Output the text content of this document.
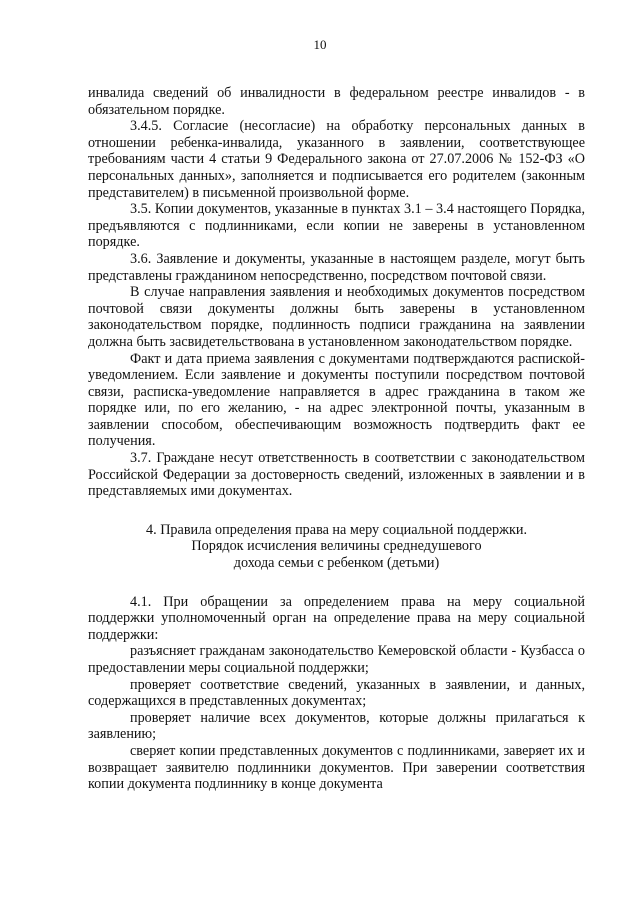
10

инвалида сведений об инвалидности в федеральном реестре инвалидов - в обязательном порядке.

3.4.5. Согласие (несогласие) на обработку персональных данных в отношении ребенка-инвалида, указанного в заявлении, соответствующее требованиям части 4 статьи 9 Федерального закона от 27.07.2006 № 152-ФЗ «О персональных данных», заполняется и подписывается его родителем (законным представителем) в письменной произвольной форме.

3.5. Копии документов, указанные в пунктах 3.1 – 3.4 настоящего Порядка, предъявляются с подлинниками, если копии не заверены в установленном порядке.

3.6. Заявление и документы, указанные в настоящем разделе, могут быть представлены гражданином непосредственно, посредством почтовой связи.

В случае направления заявления и необходимых документов посредством почтовой связи документы должны быть заверены в установленном законодательством порядке, подлинность подписи гражданина на заявлении должна быть засвидетельствована в установленном законодательством порядке.

Факт и дата приема заявления с документами подтверждаются распиской-уведомлением. Если заявление и документы поступили посредством почтовой связи, расписка-уведомление направляется в адрес гражданина в таком же порядке или, по его желанию, - на адрес электронной почты, указанным в заявлении способом, обеспечивающим возможность подтвердить факт ее получения.

3.7. Граждане несут ответственность в соответствии с законодательством Российской Федерации за достоверность сведений, изложенных в заявлении и в представляемых ими документах.

4. Правила определения права на меру социальной поддержки.
Порядок исчисления величины среднедушевого
дохода семьи с ребенком (детьми)

4.1. При обращении за определением права на меру социальной поддержки уполномоченный орган на определение права на меру социальной поддержки:

разъясняет гражданам законодательство Кемеровской области - Кузбасса о предоставлении меры социальной поддержки;

проверяет соответствие сведений, указанных в заявлении, и данных, содержащихся в представленных документах;

проверяет наличие всех документов, которые должны прилагаться к заявлению;

сверяет копии представленных документов с подлинниками, заверяет их и возвращает заявителю подлинники документов. При заверении соответствия копии документа подлиннику в конце документа
